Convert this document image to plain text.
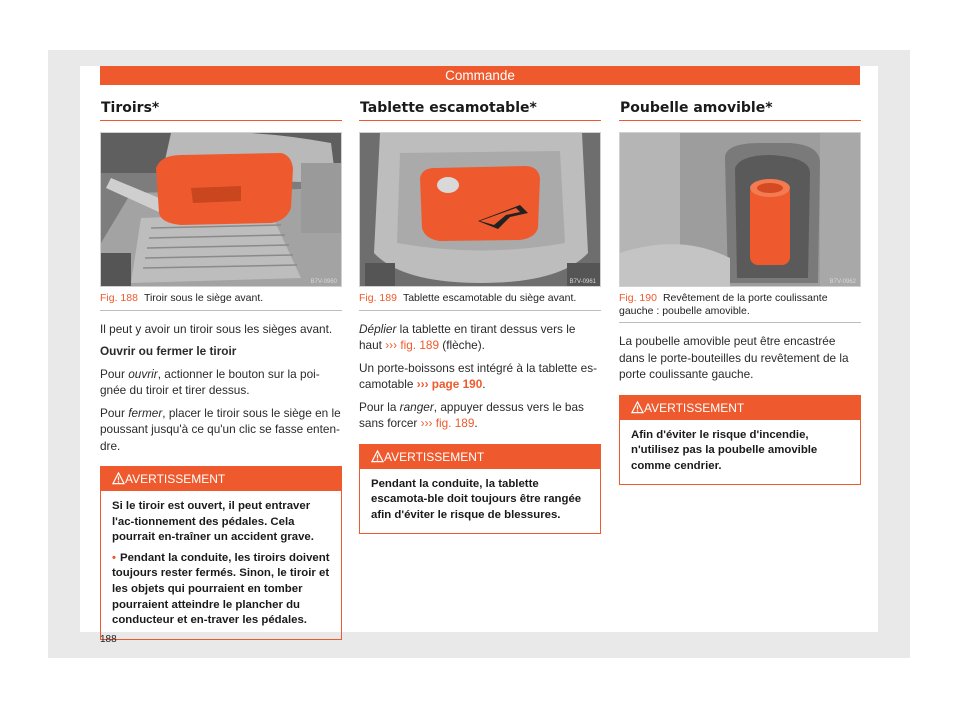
Commande
Tiroirs*
B7V-0960
Fig. 188 Tiroir sous le siège avant.

Il peut y avoir un tiroir sous les sièges avant.

Ouvrir ou fermer le tiroir

Pour ouvrir, actionner le bouton sur la poi-gnée du tiroir et tirer dessus.

Pour fermer, placer le tiroir sous le siège en le poussant jusqu'à ce qu'un clic se fasse enten-dre.

AVERTISSEMENT

Si le tiroir est ouvert, il peut entraver l'ac-tionnement des pédales. Cela pourrait en-traîner un accident grave.

• Pendant la conduite, les tiroirs doivent toujours rester fermés. Sinon, le tiroir et les objets qui pourraient en tomber pourraient atteindre le plancher du conducteur et en-traver les pédales.

Tablette escamotable*
B7V-0961
Fig. 189 Tablette escamotable du siège avant.

Déplier la tablette en tirant dessus vers le haut ››› fig. 189 (flèche).

Un porte-boissons est intégré à la tablette es-camotable ››› page 190.

Pour la ranger, appuyer dessus vers le bas sans forcer ››› fig. 189.

AVERTISSEMENT

Pendant la conduite, la tablette escamota-ble doit toujours être rangée afin d'éviter le risque de blessures.

Poubelle amovible*
B7V-0962
Fig. 190 Revêtement de la porte coulissante gauche : poubelle amovible.

La poubelle amovible peut être encastrée dans le porte-bouteilles du revêtement de la porte coulissante gauche.

AVERTISSEMENT

Afin d'éviter le risque d'incendie, n'utilisez pas la poubelle amovible comme cendrier.

188
